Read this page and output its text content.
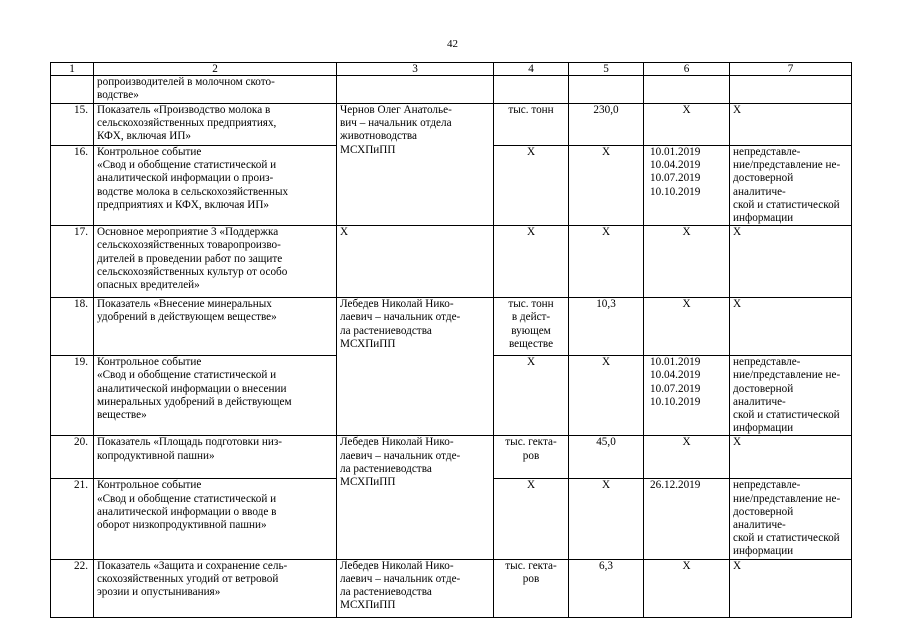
42
1	2	3	4	5	6	7

	ропроизводителей в молочном ското-
водстве»					

15.	Показатель «Производство молока в
сельскохозяйственных предприятиях,
КФХ, включая ИП»	Чернов Олег Анатолье-
вич – начальник отдела
животноводства
МСХПиПП	тыс. тонн	230,0	Х	Х

16.	Контрольное событие
«Свод и обобщение статистической и
аналитической информации о произ-
водстве молока в сельскохозяйственных
предприятиях и КФХ, включая ИП»		Х	Х	10.01.2019
10.04.2019
10.07.2019
10.10.2019	непредставле-
ние/представление не-
достоверной аналитиче-
ской и статистической
информации

17.	Основное мероприятие 3 «Поддержка
сельскохозяйственных товаропроизво-
дителей в проведении работ по защите
сельскохозяйственных культур от особо
опасных вредителей»	Х	Х	Х	Х	Х

18.	Показатель «Внесение минеральных
удобрений в действующем веществе»	Лебедев Николай Нико-
лаевич – начальник отде-
ла растениеводства
МСХПиПП	тыс. тонн
в дейст-
вующем
веществе	10,3	Х	Х

19.	Контрольное событие
«Свод и обобщение статистической и
аналитической информации о внесении
минеральных удобрений в действующем
веществе»		Х	Х	10.01.2019
10.04.2019
10.07.2019
10.10.2019	непредставле-
ние/представление не-
достоверной аналитиче-
ской и статистической
информации

20.	Показатель «Площадь подготовки низ-
копродуктивной пашни»	Лебедев Николай Нико-
лаевич – начальник отде-
ла растениеводства
МСХПиПП	тыс. гекта-
ров	45,0	Х	Х

21.	Контрольное событие
«Свод и обобщение статистической и
аналитической информации о вводе в
оборот низкопродуктивной пашни»		Х	Х	26.12.2019	непредставле-
ние/представление не-
достоверной аналитиче-
ской и статистической
информации

22.	Показатель «Защита и сохранение сель-
скохозяйственных угодий от ветровой
эрозии и опустынивания»	Лебедев Николай Нико-
лаевич – начальник отде-
ла растениеводства
МСХПиПП	тыс. гекта-
ров	6,3	Х	Х
